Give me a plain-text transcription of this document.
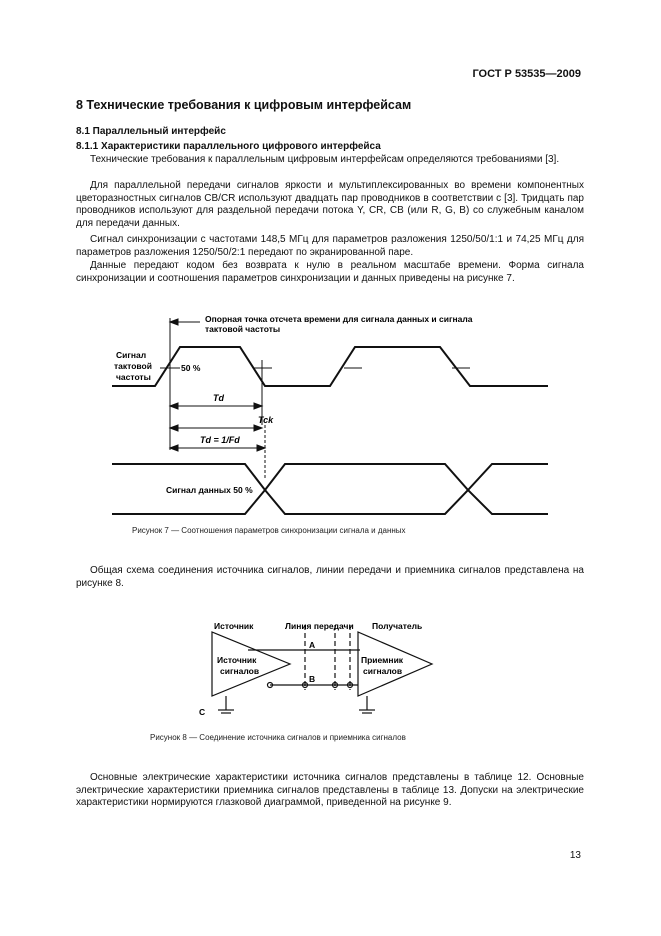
ГОСТ Р 53535—2009
8 Технические требования к цифровым интерфейсам
8.1 Параллельный интерфейс
8.1.1 Характеристики параллельного цифрового интерфейса

Технические требования к параллельным цифровым интерфейсам определяются требованиями [3].

Для параллельной передачи сигналов яркости и мультиплексированных во времени компонентных цветоразностных сигналов CB/CR используют двадцать пар проводников в соответствии с [3]. Тридцать пар проводников используют для раздельной передачи потока Y, CR, CB (или R, G, B) со служебным каналом для передачи данных.

Сигнал синхронизации с частотами 148,5 МГц для параметров разложения 1250/50/1:1 и 74,25 МГц для параметров разложения 1250/50/2:1 передают по экранированной паре.

Данные передают кодом без возврата к нулю в реальном масштабе времени. Форма сигнала синхронизации и соотношения параметров синхронизации и данных приведены на рисунке 7.

Опорная точка отсчета времени для сигнала данных и сигнала
тактовой частоты
Сигнал
тактовой
частоты
50 %
Td
Tck
Td = 1/Fd
Сигнал данных 50 %
Рисунок 7 — Соотношения параметров синхронизации сигнала и данных

Общая схема соединения источника сигналов, линии передачи и приемника сигналов представлена на рисунке 8.

Источник	Линия передачи Получатель
Источник
сигналов
Приемник
сигналов
A
B
C
Рисунок 8 — Соединение источника сигналов и приемника сигналов

Основные электрические характеристики источника сигналов представлены в таблице 12. Основные электрические характеристики приемника сигналов представлены в таблице 13. Допуски на электрические характеристики нормируются глазковой диаграммой, приведенной на рисунке 9.

13
